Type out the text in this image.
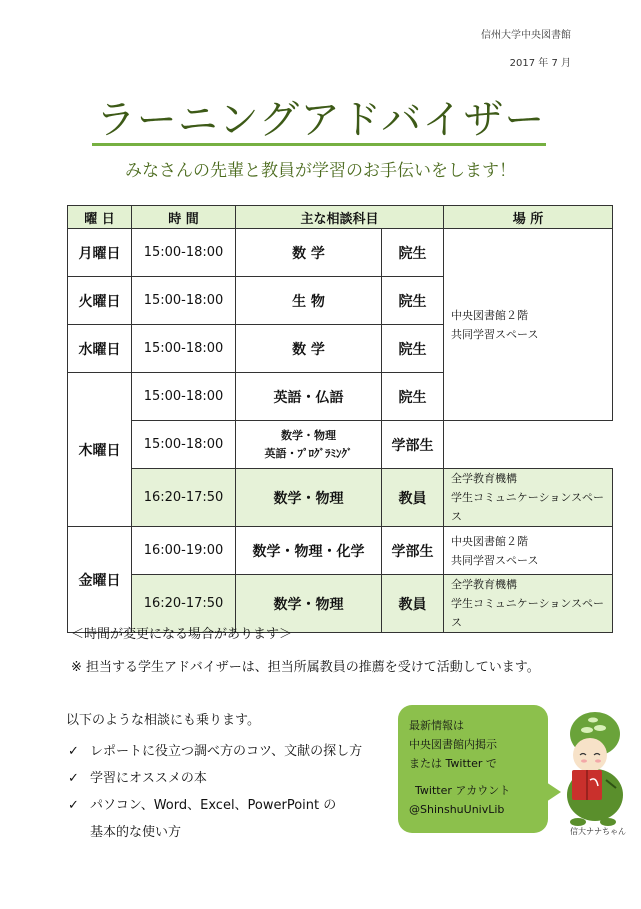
信州大学中央図書館
2017 年 7 月
ラーニングアドバイザー
みなさんの先輩と教員が学習のお手伝いをします！
曜 日	時 間	主な相談科目		場 所
月曜日	15:00-18:00	数 学	院生	中央図書館２階
共同学習スペース

火曜日	15:00-18:00	生 物	院生	
水曜日	15:00-18:00	数 学	院生	
木曜日	15:00-18:00	英語・仏語	院生	
	15:00-18:00	数学・物理
英語・ﾌﾟﾛｸﾞﾗﾐﾝｸﾞ	学部生	
	16:20-17:50	数学・物理	教員	全学教育機構
学生コミュニケーションスペース

金曜日	16:00-19:00	数学・物理・化学	学部生	中央図書館２階
共同学習スペース

	16:20-17:50	数学・物理	教員	全学教育機構
学生コミュニケーションスペース
＜時間が変更になる場合があります＞
※ 担当する学生アドバイザーは、担当所属教員の推薦を受けて活動しています。
以下のような相談にも乗ります。
✓ レポートに役立つ調べ方のコツ、文献の探し方
✓ 学習にオススメの本
✓ パソコン、Word、Excel、PowerPoint の
基本的な使い方
最新情報は
中央図書館内掲示
または Twitter で
Twitter アカウント
@ShinshuUnivLib
信大ナナちゃん
